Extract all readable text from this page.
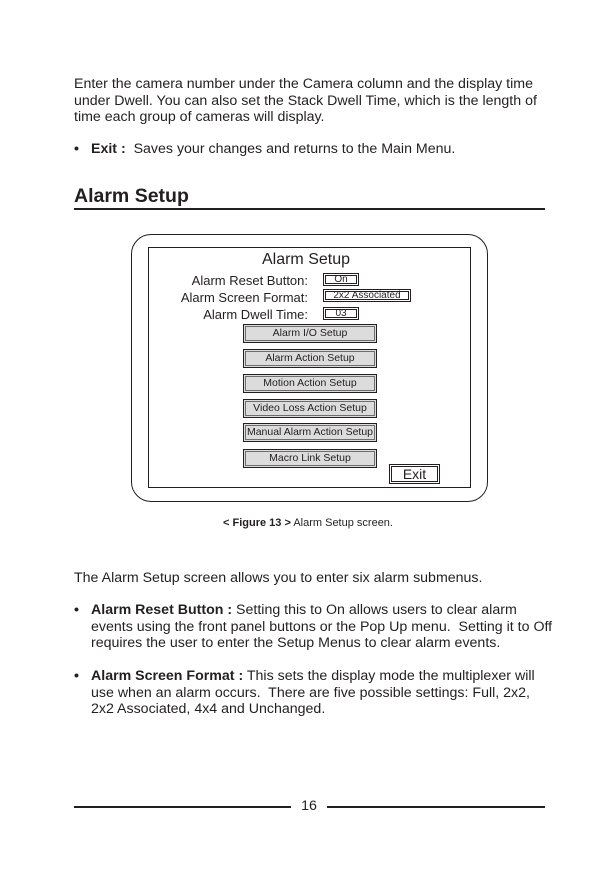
Enter the camera number under the Camera column and the display time under Dwell. You can also set the Stack Dwell Time, which is the length of time each group of cameras will display.

• Exit :  Saves your changes and returns to the Main Menu.
Alarm Setup
Alarm Setup
Alarm Reset Button:	On
Alarm Screen Format:	2x2 Associated
Alarm Dwell Time:	03
Alarm I/O Setup
Alarm Action Setup
Motion Action Setup
Video Loss Action Setup
Manual Alarm Action Setup
Macro Link Setup
Exit

< Figure 13 > Alarm Setup screen.

The Alarm Setup screen allows you to enter six alarm submenus.

• Alarm Reset Button : Setting this to On allows users to clear alarm events using the front panel buttons or the Pop Up menu.  Setting it to Off requires the user to enter the Setup Menus to clear alarm events.
• Alarm Screen Format : This sets the display mode the multiplexer will use when an alarm occurs.  There are five possible settings: Full, 2x2, 2x2 Associated, 4x4 and Unchanged.
16
